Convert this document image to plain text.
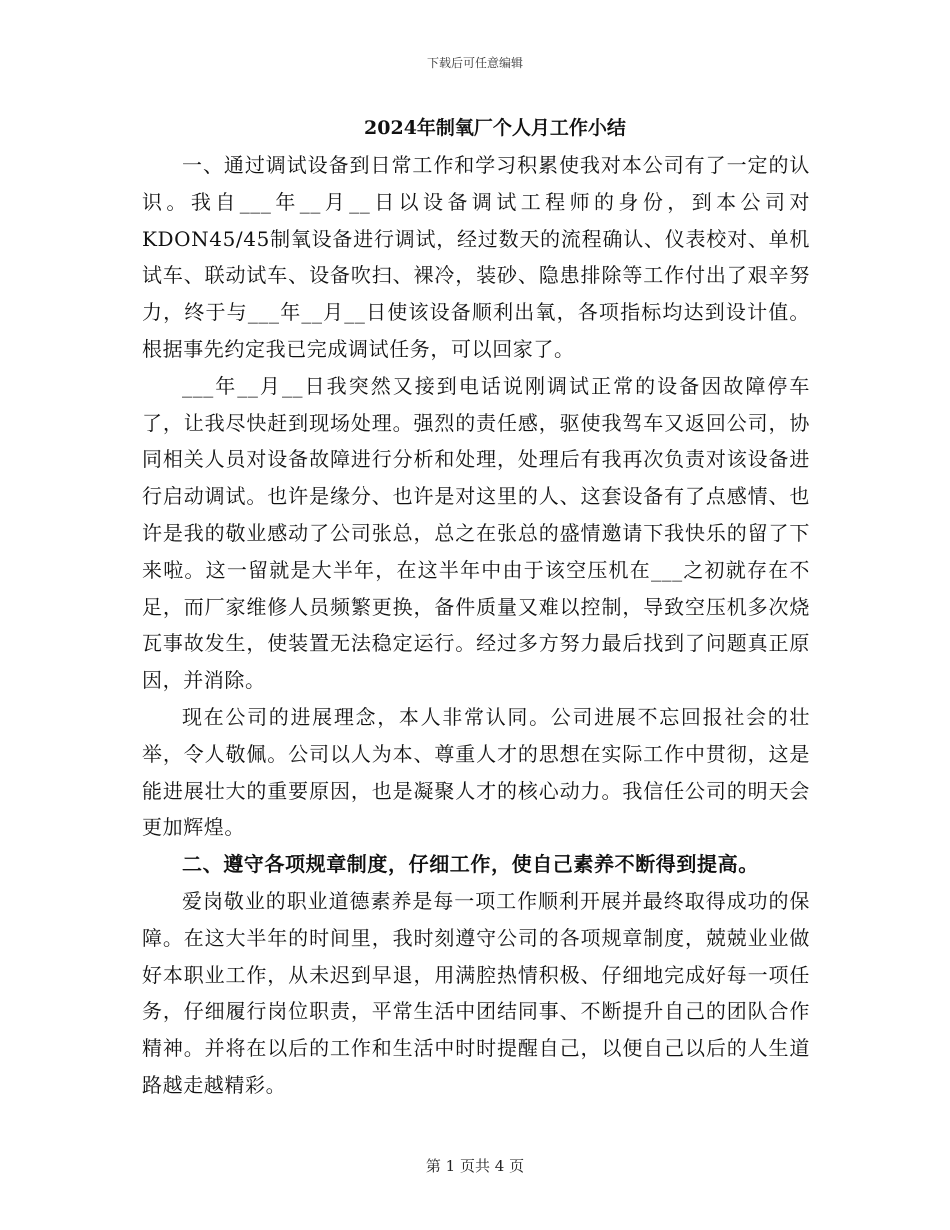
下载后可任意编辑
2024年制氧厂个人月工作小结

一、通过调试设备到日常工作和学习积累使我对本公司有了一定的认识。我自___年__月__日以设备调试工程师的身份，到本公司对KDON45/45制氧设备进行调试，经过数天的流程确认、仪表校对、单机试车、联动试车、设备吹扫、裸冷，装砂、隐患排除等工作付出了艰辛努力，终于与___年__月__日使该设备顺利出氧，各项指标均达到设计值。根据事先约定我已完成调试任务，可以回家了。

___年__月__日我突然又接到电话说刚调试正常的设备因故障停车了，让我尽快赶到现场处理。强烈的责任感，驱使我驾车又返回公司，协同相关人员对设备故障进行分析和处理，处理后有我再次负责对该设备进行启动调试。也许是缘分、也许是对这里的人、这套设备有了点感情、也许是我的敬业感动了公司张总，总之在张总的盛情邀请下我快乐的留了下来啦。这一留就是大半年，在这半年中由于该空压机在___之初就存在不足，而厂家维修人员频繁更换，备件质量又难以控制，导致空压机多次烧瓦事故发生，使装置无法稳定运行。经过多方努力最后找到了问题真正原因，并消除。

现在公司的进展理念，本人非常认同。公司进展不忘回报社会的壮举，令人敬佩。公司以人为本、尊重人才的思想在实际工作中贯彻，这是能进展壮大的重要原因，也是凝聚人才的核心动力。我信任公司的明天会更加辉煌。

二、遵守各项规章制度，仔细工作，使自己素养不断得到提高。

爱岗敬业的职业道德素养是每一项工作顺利开展并最终取得成功的保障。在这大半年的时间里，我时刻遵守公司的各项规章制度，兢兢业业做好本职业工作，从未迟到早退，用满腔热情积极、仔细地完成好每一项任务，仔细履行岗位职责，平常生活中团结同事、不断提升自己的团队合作精神。并将在以后的工作和生活中时时提醒自己，以便自己以后的人生道路越走越精彩。

第 1 页共 4 页
